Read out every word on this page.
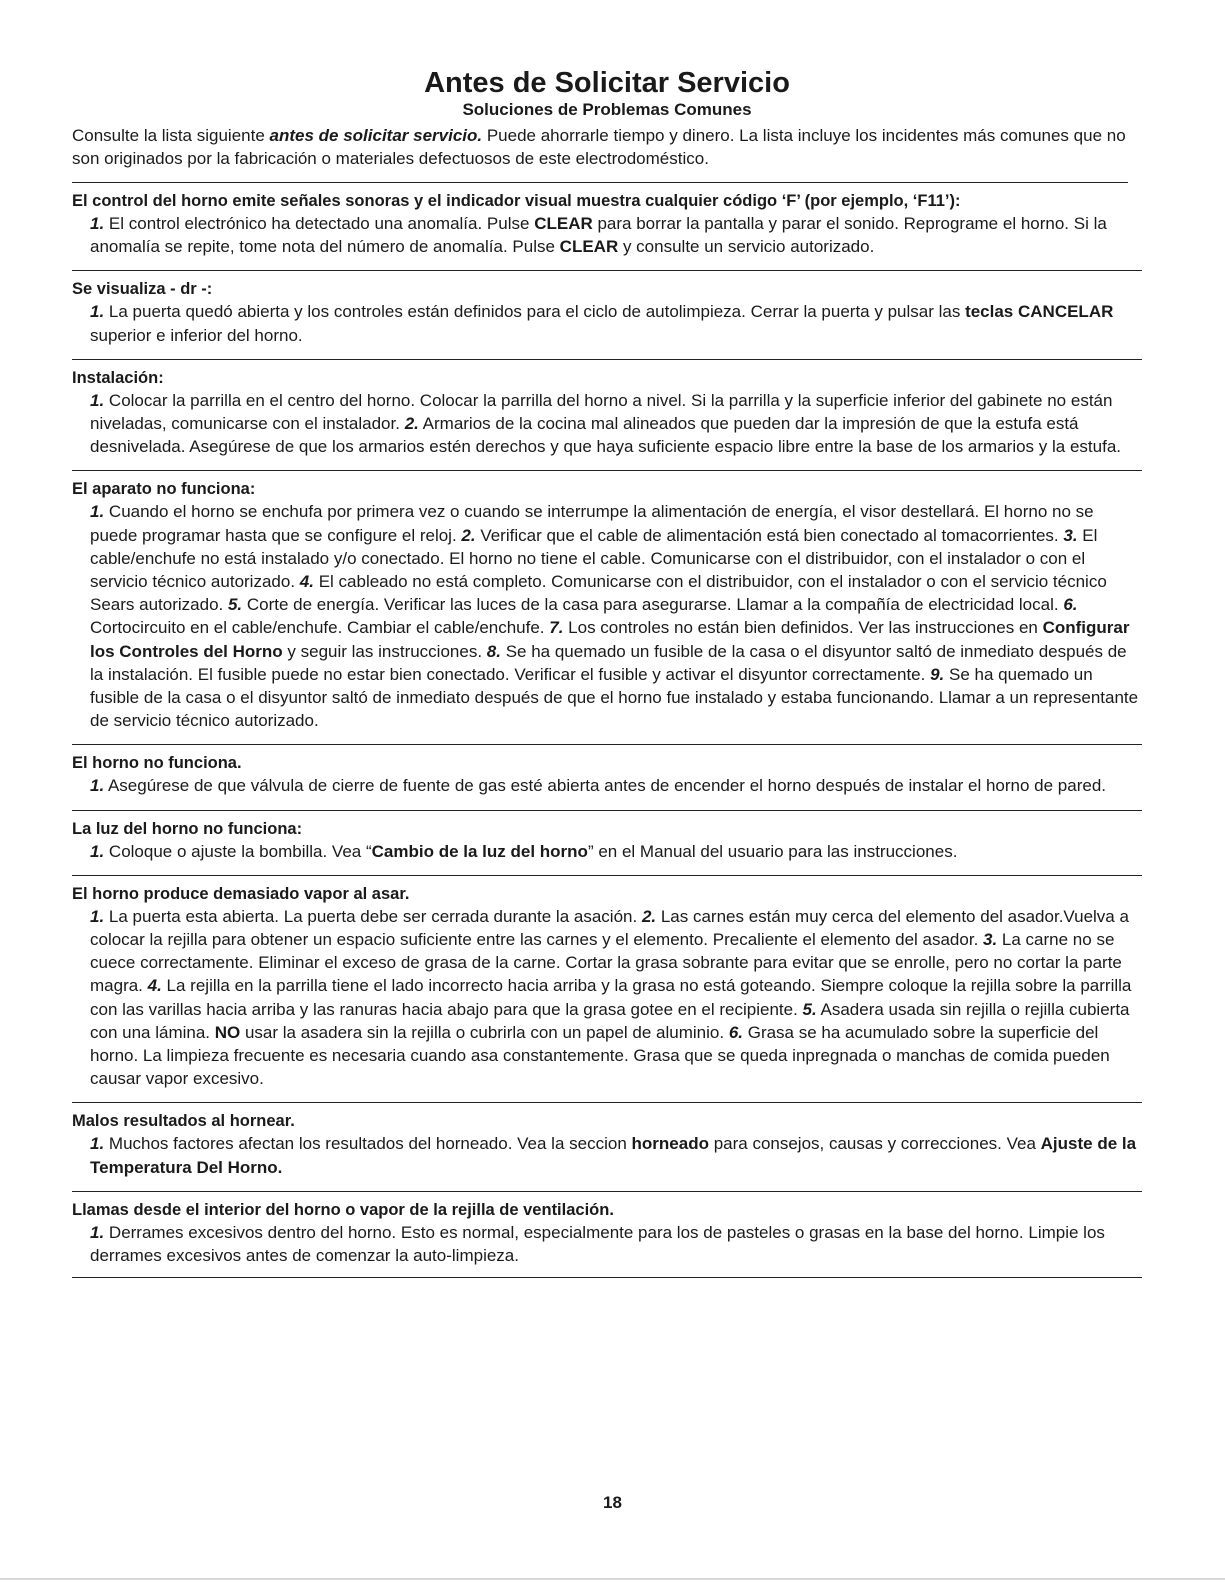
Antes de Solicitar Servicio
Soluciones de Problemas Comunes

Consulte la lista siguiente antes de solicitar servicio. Puede ahorrarle tiempo y dinero. La lista incluye los incidentes más comunes que no son originados por la fabricación o materiales defectuosos de este electrodoméstico.

El control del horno emite señales sonoras y el indicador visual muestra cualquier código ‘F’ (por ejemplo, ‘F11’):

1. El control electrónico ha detectado una anomalía. Pulse CLEAR para borrar la pantalla y parar el sonido. Reprograme el horno. Si la anomalía se repite, tome nota del número de anomalía. Pulse CLEAR y consulte un servicio autorizado.

Se visualiza - dr -:

1. La puerta quedó abierta y los controles están definidos para el ciclo de autolimpieza. Cerrar la puerta y pulsar las teclas CANCELAR superior e inferior del horno.

Instalación:

1. Colocar la parrilla en el centro del horno. Colocar la parrilla del horno a nivel. Si la parrilla y la superficie inferior del gabinete no están niveladas, comunicarse con el instalador. 2. Armarios de la cocina mal alineados que pueden dar la impresión de que la estufa está desnivelada. Asegúrese de que los armarios estén derechos y que haya suficiente espacio libre entre la base de los armarios y la estufa.

El aparato no funciona:

1. Cuando el horno se enchufa por primera vez o cuando se interrumpe la alimentación de energía, el visor destellará. El horno no se puede programar hasta que se configure el reloj. 2. Verificar que el cable de alimentación está bien conectado al tomacorrientes. 3. El cable/enchufe no está instalado y/o conectado. El horno no tiene el cable. Comunicarse con el distribuidor, con el instalador o con el servicio técnico autorizado. 4. El cableado no está completo. Comunicarse con el distribuidor, con el instalador o con el servicio técnico Sears autorizado. 5. Corte de energía. Verificar las luces de la casa para asegurarse. Llamar a la compañía de electricidad local. 6. Cortocircuito en el cable/enchufe. Cambiar el cable/enchufe. 7. Los controles no están bien definidos. Ver las instrucciones en Configurar los Controles del Horno y seguir las instrucciones. 8. Se ha quemado un fusible de la casa o el disyuntor saltó de inmediato después de la instalación. El fusible puede no estar bien conectado. Verificar el fusible y activar el disyuntor correctamente. 9. Se ha quemado un fusible de la casa o el disyuntor saltó de inmediato después de que el horno fue instalado y estaba funcionando. Llamar a un representante de servicio técnico autorizado.

El horno no funciona.

1. Asegúrese de que válvula de cierre de fuente de gas esté abierta antes de encender el horno después de instalar el horno de pared.

La luz del horno no funciona:

1. Coloque o ajuste la bombilla. Vea “Cambio de la luz del horno” en el Manual del usuario para las instrucciones.

El horno produce demasiado vapor al asar.

1. La puerta esta abierta. La puerta debe ser cerrada durante la asación. 2. Las carnes están muy cerca del elemento del asador.Vuelva a colocar la rejilla para obtener un espacio suficiente entre las carnes y el elemento. Precaliente el elemento del asador. 3. La carne no se cuece correctamente. Eliminar el exceso de grasa de la carne. Cortar la grasa sobrante para evitar que se enrolle, pero no cortar la parte magra. 4. La rejilla en la parrilla tiene el lado incorrecto hacia arriba y la grasa no está goteando. Siempre coloque la rejilla sobre la parrilla con las varillas hacia arriba y las ranuras hacia abajo para que la grasa gotee en el recipiente. 5. Asadera usada sin rejilla o rejilla cubierta con una lámina. NO usar la asadera sin la rejilla o cubrirla con un papel de aluminio. 6. Grasa se ha acumulado sobre la superficie del horno. La limpieza frecuente es necesaria cuando asa constantemente. Grasa que se queda inpregnada o manchas de comida pueden causar vapor excesivo.

Malos resultados al hornear.

1. Muchos factores afectan los resultados del horneado. Vea la seccion horneado para consejos, causas y correcciones. Vea Ajuste de la Temperatura Del Horno.

Llamas desde el interior del horno o vapor de la rejilla de ventilación.

1. Derrames excesivos dentro del horno. Esto es normal, especialmente para los de pasteles o grasas en la base del horno. Limpie los derrames excesivos antes de comenzar la auto-limpieza.

18
